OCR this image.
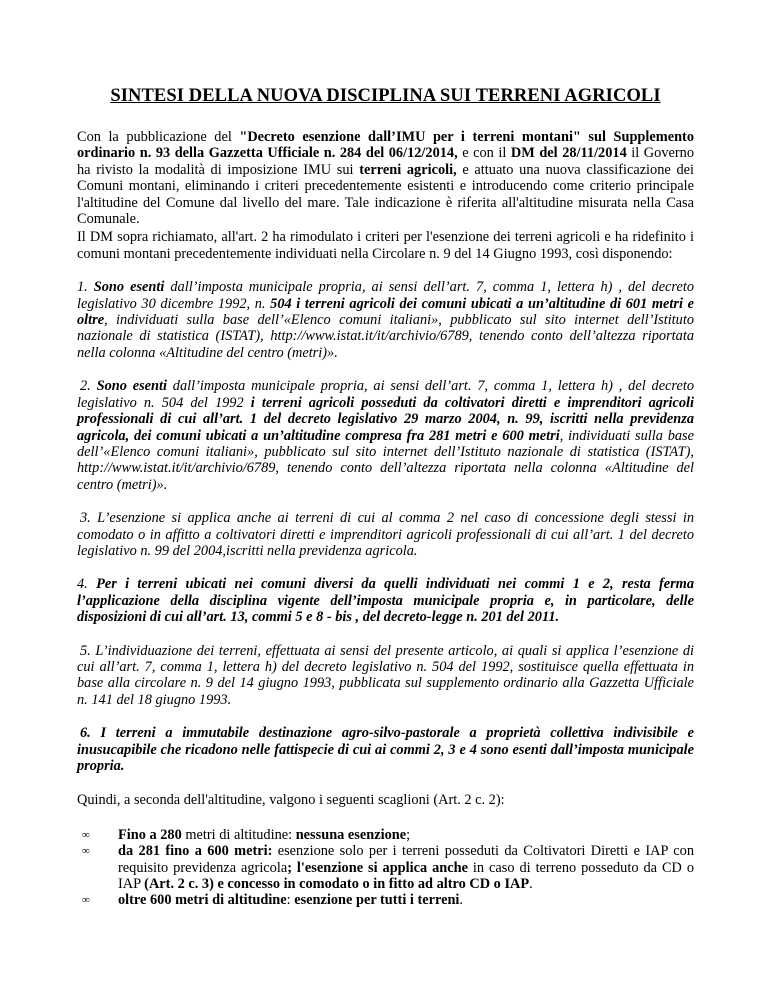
SINTESI DELLA NUOVA DISCIPLINA SUI TERRENI AGRICOLI

Con la pubblicazione del "Decreto esenzione dall’IMU per i terreni montani" sul Supplemento ordinario n. 93 della Gazzetta Ufficiale n. 284 del 06/12/2014, e con il DM del 28/11/2014 il Governo ha rivisto la modalità di imposizione IMU sui terreni agricoli, e attuato una nuova classificazione dei Comuni montani, eliminando i criteri precedentemente esistenti e introducendo come criterio principale l'altitudine del Comune dal livello del mare. Tale indicazione è riferita all'altitudine misurata nella Casa Comunale.

Il DM sopra richiamato, all'art. 2 ha rimodulato i criteri per l'esenzione dei terreni agricoli e ha ridefinito i comuni montani precedentemente individuati nella Circolare n. 9 del 14 Giugno 1993, così disponendo:

1. Sono esenti dall’imposta municipale propria, ai sensi dell’art. 7, comma 1, lettera h) , del decreto legislativo 30 dicembre 1992, n. 504 i terreni agricoli dei comuni ubicati a un’altitudine di 601 metri e oltre, individuati sulla base dell’«Elenco comuni italiani», pubblicato sul sito internet dell’Istituto nazionale di statistica (ISTAT), http://www.istat.it/it/archivio/6789, tenendo conto dell’altezza riportata nella colonna «Altitudine del centro (metri)».

2. Sono esenti dall’imposta municipale propria, ai sensi dell’art. 7, comma 1, lettera h) , del decreto legislativo n. 504 del 1992 i terreni agricoli posseduti da coltivatori diretti e imprenditori agricoli professionali di cui all’art. 1 del decreto legislativo 29 marzo 2004, n. 99, iscritti nella previdenza agricola, dei comuni ubicati a un’altitudine compresa fra 281 metri e 600 metri, individuati sulla base dell’«Elenco comuni italiani», pubblicato sul sito internet dell’Istituto nazionale di statistica (ISTAT), http://www.istat.it/it/archivio/6789, tenendo conto dell’altezza riportata nella colonna «Altitudine del centro (metri)».

3. L’esenzione si applica anche ai terreni di cui al comma 2 nel caso di concessione degli stessi in comodato o in affitto a coltivatori diretti e imprenditori agricoli professionali di cui all’art. 1 del decreto legislativo n. 99 del 2004,iscritti nella previdenza agricola.

4. Per i terreni ubicati nei comuni diversi da quelli individuati nei commi 1 e 2, resta ferma l’applicazione della disciplina vigente dell’imposta municipale propria e, in particolare, delle disposizioni di cui all’art. 13, commi 5 e 8 - bis , del decreto-legge n. 201 del 2011.

5. L’individuazione dei terreni, effettuata ai sensi del presente articolo, ai quali si applica l’esenzione di cui all’art. 7, comma 1, lettera h) del decreto legislativo n. 504 del 1992, sostituisce quella effettuata in base alla circolare n. 9 del 14 giugno 1993, pubblicata sul supplemento ordinario alla Gazzetta Ufficiale n. 141 del 18 giugno 1993.

6. I terreni a immutabile destinazione agro-silvo-pastorale a proprietà collettiva indivisibile e inusucapibile che ricadono nelle fattispecie di cui ai commi 2, 3 e 4 sono esenti dall’imposta municipale propria.

Quindi, a seconda dell'altitudine, valgono i seguenti scaglioni (Art. 2 c. 2):

∞ Fino a 280 metri di altitudine: nessuna esenzione;
∞ da 281 fino a 600 metri: esenzione solo per i terreni posseduti da Coltivatori Diretti e IAP con requisito previdenza agricola; l'esenzione si applica anche in caso di terreno posseduto da CD o IAP (Art. 2 c. 3) e concesso in comodato o in fitto ad altro CD o IAP.
∞ oltre 600 metri di altitudine: esenzione per tutti i terreni.
